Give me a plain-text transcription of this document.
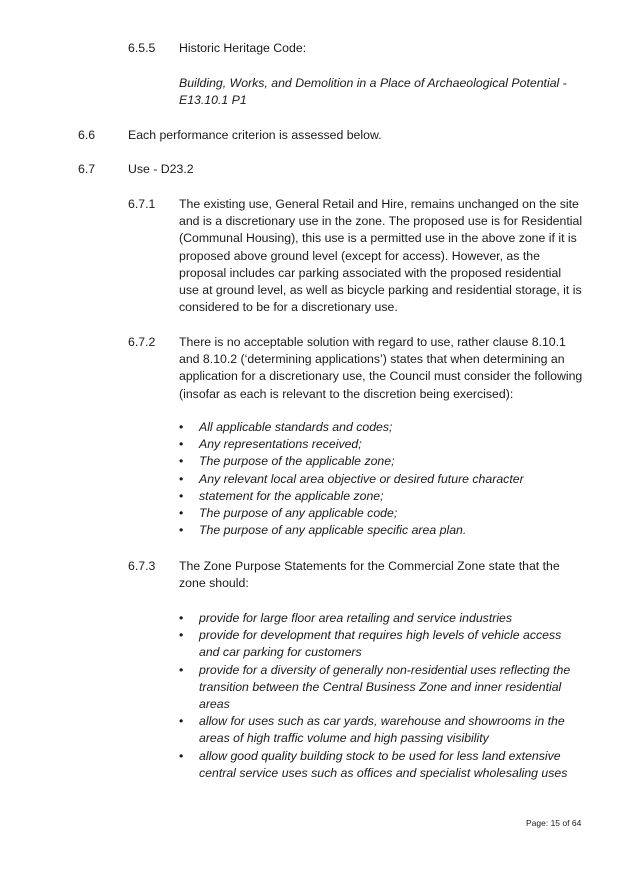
6.5.5 Historic Heritage Code:
Building, Works, and Demolition in a Place of Archaeological Potential - E13.10.1 P1
6.6	Each performance criterion is assessed below.
6.7	Use - D23.2
6.7.1 The existing use, General Retail and Hire, remains unchanged on the site and is a discretionary use in the zone. The proposed use is for Residential (Communal Housing), this use is a permitted use in the above zone if it is proposed above ground level (except for access). However, as the proposal includes car parking associated with the proposed residential use at ground level, as well as bicycle parking and residential storage, it is considered to be for a discretionary use.
6.7.2 There is no acceptable solution with regard to use, rather clause 8.10.1 and 8.10.2 (‘determining applications’) states that when determining an application for a discretionary use, the Council must consider the following (insofar as each is relevant to the discretion being exercised):
• All applicable standards and codes;
• Any representations received;
• The purpose of the applicable zone;
• Any relevant local area objective or desired future character
• statement for the applicable zone;
• The purpose of any applicable code;
• The purpose of any applicable specific area plan.
6.7.3 The Zone Purpose Statements for the Commercial Zone state that the zone should:
• provide for large floor area retailing and service industries
• provide for development that requires high levels of vehicle access and car parking for customers
• provide for a diversity of generally non-residential uses reflecting the transition between the Central Business Zone and inner residential areas
• allow for uses such as car yards, warehouse and showrooms in the areas of high traffic volume and high passing visibility
• allow good quality building stock to be used for less land extensive central service uses such as offices and specialist wholesaling uses
Page: 15 of 64
